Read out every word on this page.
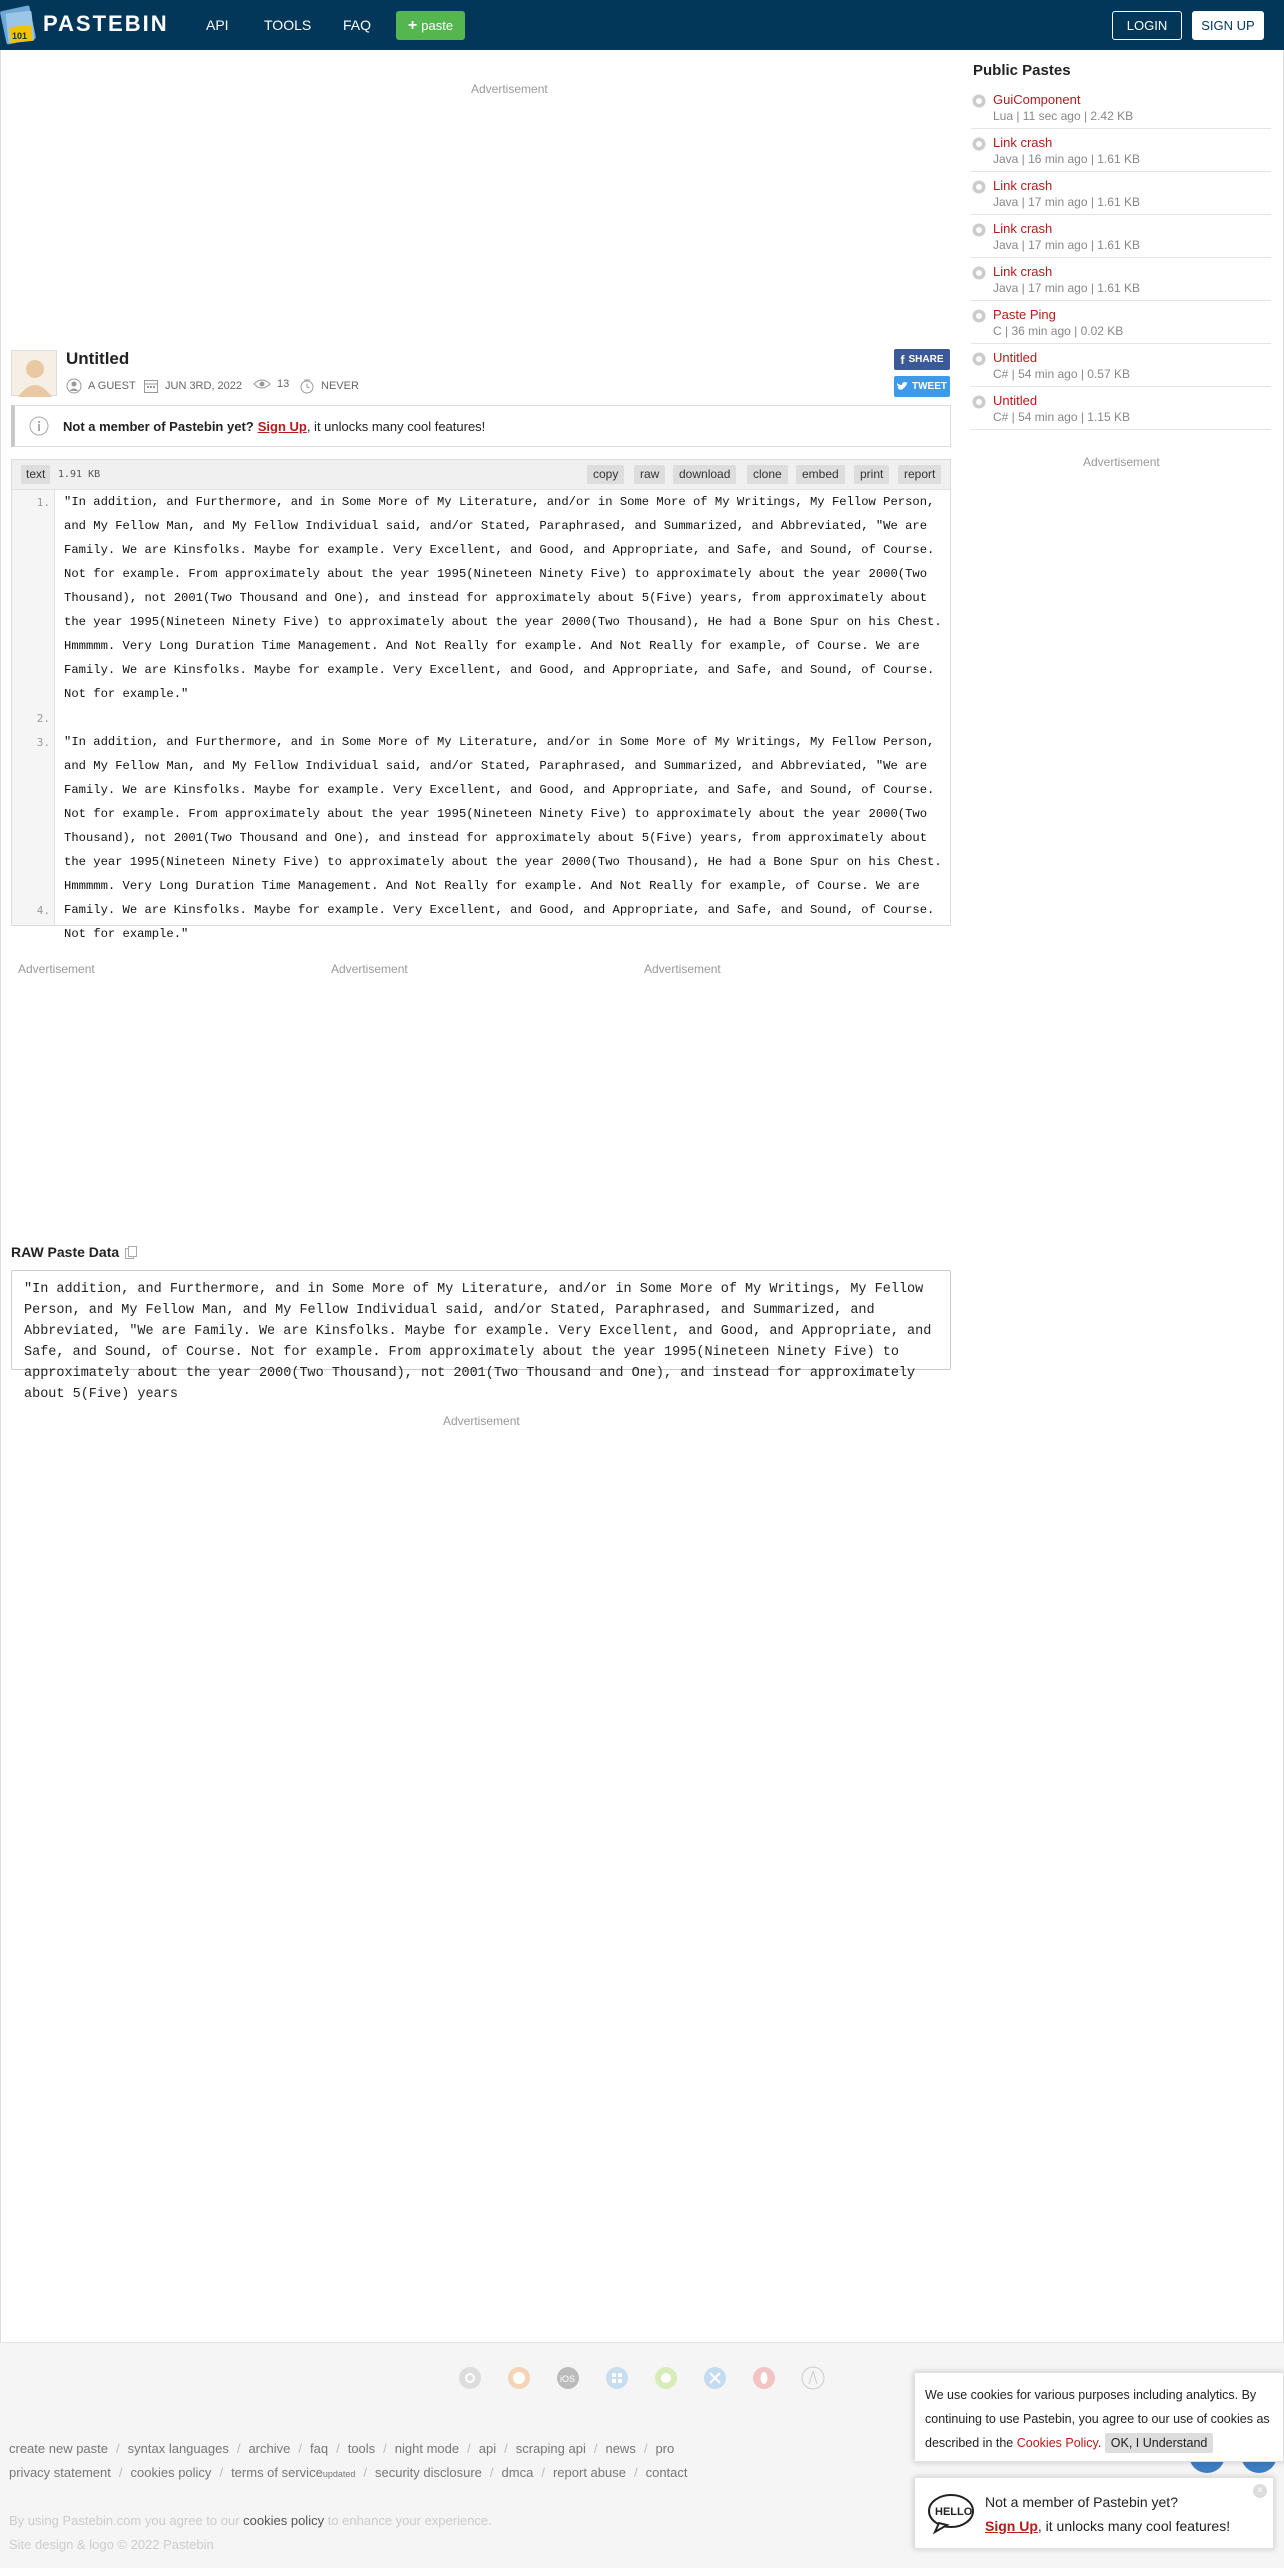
101 PASTEBIN	API	TOOLS FAQ + paste	LOGIN	SIGN UP
Advertisement
Untitled
A GUEST	JUN 3RD, 2022	13	NEVER
f SHARE
TWEET
Not a member of Pastebin yet? Sign Up , it unlocks many cool features!
text	1.91 KB	copy	raw	download	clone	embed	print	report
1. "In addition, and Furthermore, and in Some More of My Literature, and/or in Some More of My Writings, My Fellow Person, and My Fellow Man, and My Fellow Individual said, and/or Stated, Paraphrased, and Summarized, and Abbreviated, "We are Family. We are Kinsfolks. Maybe for example. Very Excellent, and Good, and Appropriate, and Safe, and Sound, of Course. Not for example. From approximately about the year 1995(Nineteen Ninety Five) to approximately about the year 2000(Two Thousand), not 2001(Two Thousand and One), and instead for approximately about 5(Five) years, from approximately about the year 1995(Nineteen Ninety Five) to approximately about the year 2000(Two Thousand), He had a Bone Spur on his Chest. Hmmmmm. Very Long Duration Time Management. And Not Really for example. And Not Really for example, of Course. We are Family. We are Kinsfolks. Maybe for example. Very Excellent, and Good, and Appropriate, and Safe, and Sound, of Course. Not for example."
2.
3. "In addition, and Furthermore, and in Some More of My Literature, and/or in Some More of My Writings, My Fellow Person, and My Fellow Man, and My Fellow Individual said, and/or Stated, Paraphrased, and Summarized, and Abbreviated, "We are Family. We are Kinsfolks. Maybe for example. Very Excellent, and Good, and Appropriate, and Safe, and Sound, of Course. Not for example. From approximately about the year 1995(Nineteen Ninety Five) to approximately about the year 2000(Two Thousand), not 2001(Two Thousand and One), and instead for approximately about 5(Five) years, from approximately about the year 1995(Nineteen Ninety Five) to approximately about the year 2000(Two Thousand), He had a Bone Spur on his Chest. Hmmmmm. Very Long Duration Time Management. And Not Really for example. And Not Really for example, of Course. We are Family. We are Kinsfolks. Maybe for example. Very Excellent, and Good, and Appropriate, and Safe, and Sound, of Course. Not for example."
4.
Advertisement	Advertisement	Advertisement
RAW Paste Data
"In addition, and Furthermore, and in Some More of My Literature, and/or in Some More of My Writings, My Fellow Person, and My Fellow Man, and My Fellow Individual said, and/or Stated, Paraphrased, and Summarized, and Abbreviated, "We are Family. We are Kinsfolks. Maybe for example. Very Excellent, and Good, and Appropriate, and Safe, and Sound, of Course. Not for example. From approximately about the year 1995(Nineteen Ninety Five) to approximately about the year 2000(Two Thousand), not 2001(Two Thousand and One), and instead for approximately about 5(Five) years
Advertisement
Public Pastes
GuiComponent
Lua | 11 sec ago | 2.42 KB
Link crash
Java | 16 min ago | 1.61 KB
Link crash
Java | 17 min ago | 1.61 KB
Link crash
Java | 17 min ago | 1.61 KB
Link crash
Java | 17 min ago | 1.61 KB
Paste Ping
C | 36 min ago | 0.02 KB
Untitled
C# | 54 min ago | 0.57 KB
Untitled
C# | 54 min ago | 1.15 KB
Advertisement
iOS
create new paste / syntax languages / archive / faq / tools / night mode / api / scraping api / news / pro
privacy statement / cookies policy / terms of service updated / security disclosure / dmca / report abuse / contact
By using Pastebin.com you agree to our cookies policy to enhance your experience.
Site design & logo © 2022 Pastebin
We use cookies for various purposes including analytics. By continuing to use Pastebin, you agree to our use of cookies as described in the Cookies Policy. OK, I Understand
HELLO
Not a member of Pastebin yet?
Sign Up, it unlocks many cool features!
×
